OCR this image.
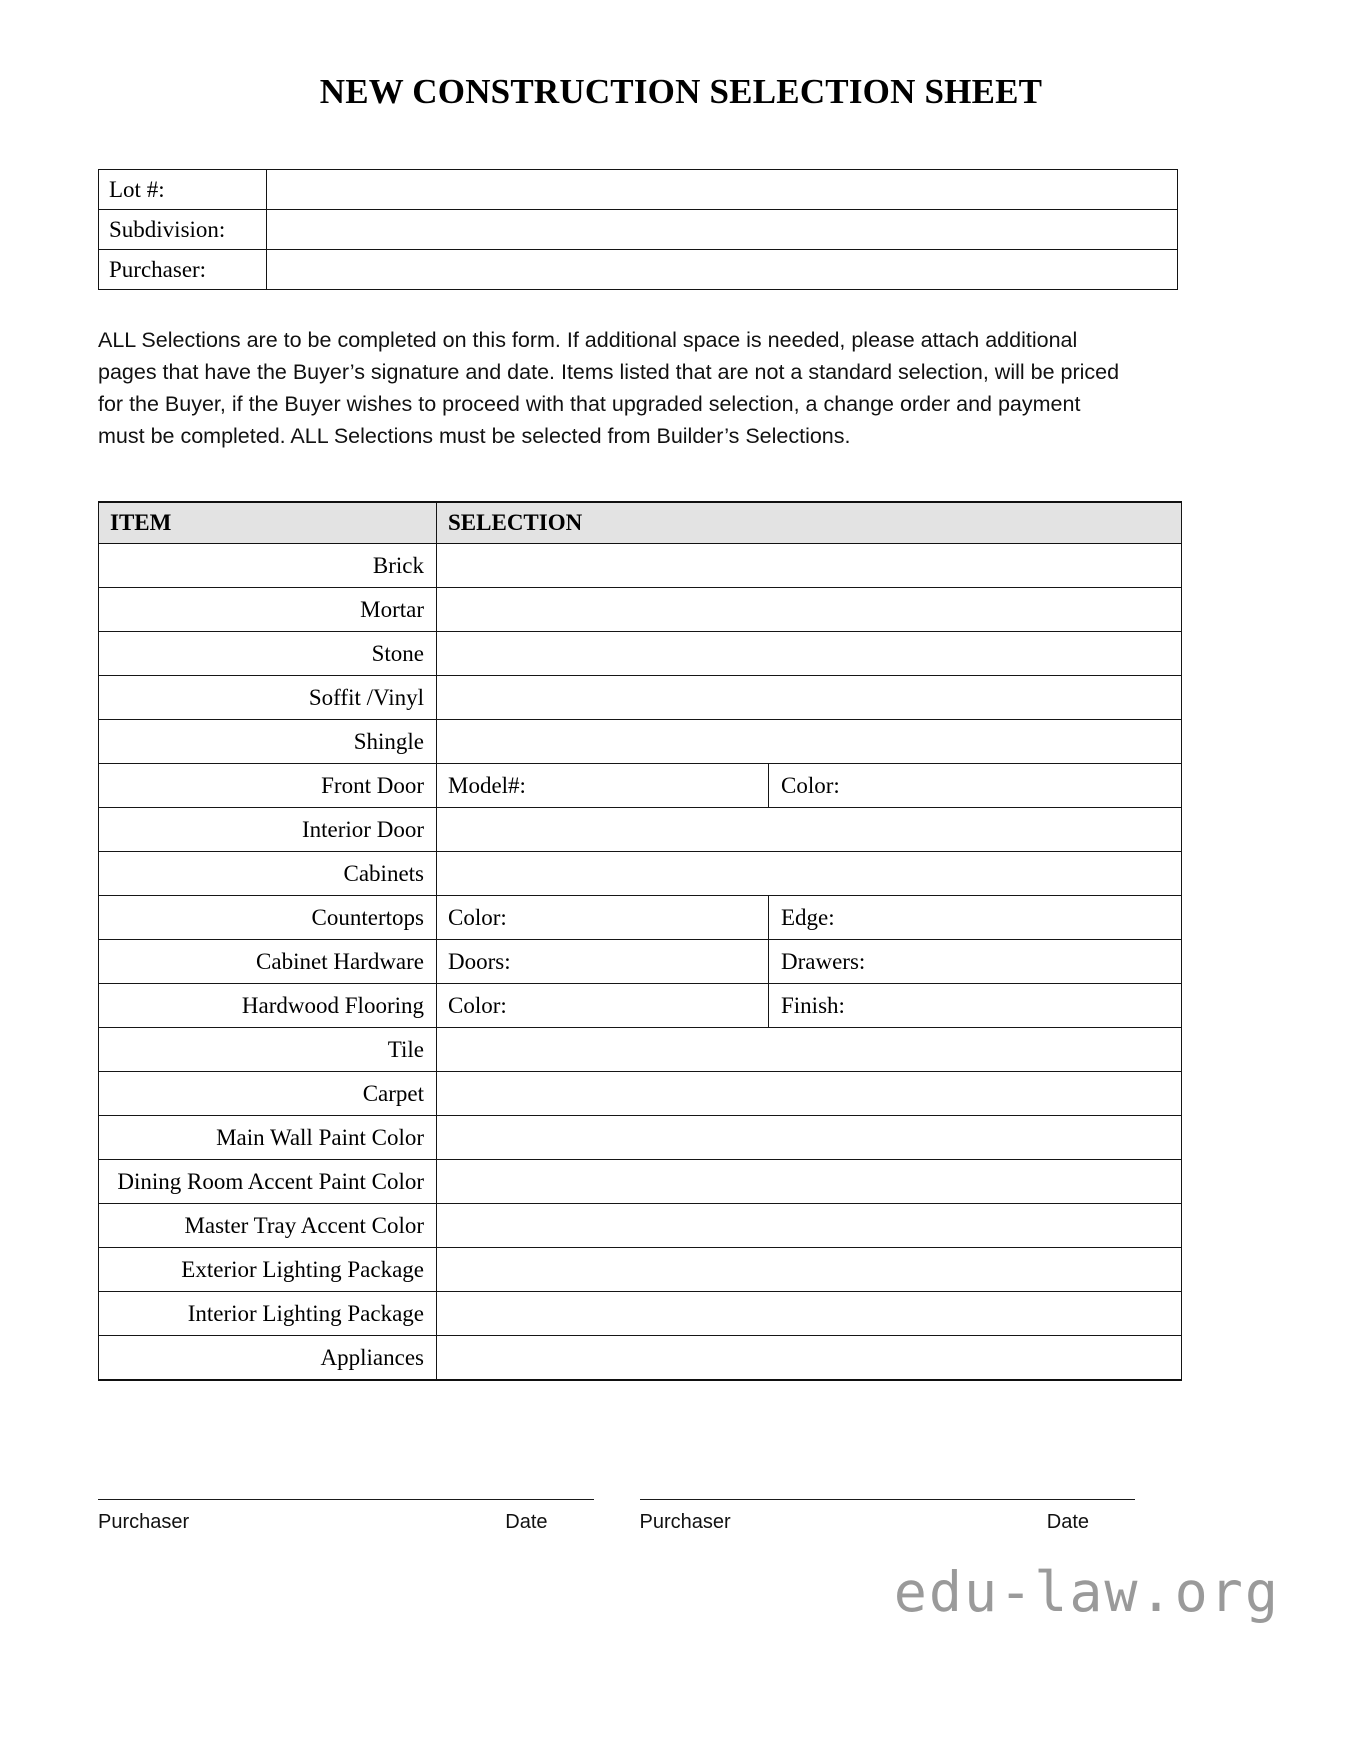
NEW CONSTRUCTION SELECTION SHEET
Lot #:	
Subdivision:	
Purchaser:	

ALL Selections are to be completed on this form. If additional space is needed, please attach additional pages that have the Buyer’s signature and date. Items listed that are not a standard selection, will be priced for the Buyer, if the Buyer wishes to proceed with that upgraded selection, a change order and payment must be completed. ALL Selections must be selected from Builder’s Selections.

ITEM	SELECTION
Brick	
Mortar	
Stone	
Soffit /Vinyl	
Shingle	
Front Door	Model#: Color:

Interior Door	
Cabinets	
Countertops	Color: Edge:

Cabinet Hardware	Doors: Drawers:

Hardwood Flooring	Color: Finish:

Tile	
Carpet	
Main Wall Paint Color	
Dining Room Accent Paint Color	
Master Tray Accent Color	
Exterior Lighting Package	
Interior Lighting Package	
Appliances	
Purchaser	Date	Purchaser	Date
edu-law.org
